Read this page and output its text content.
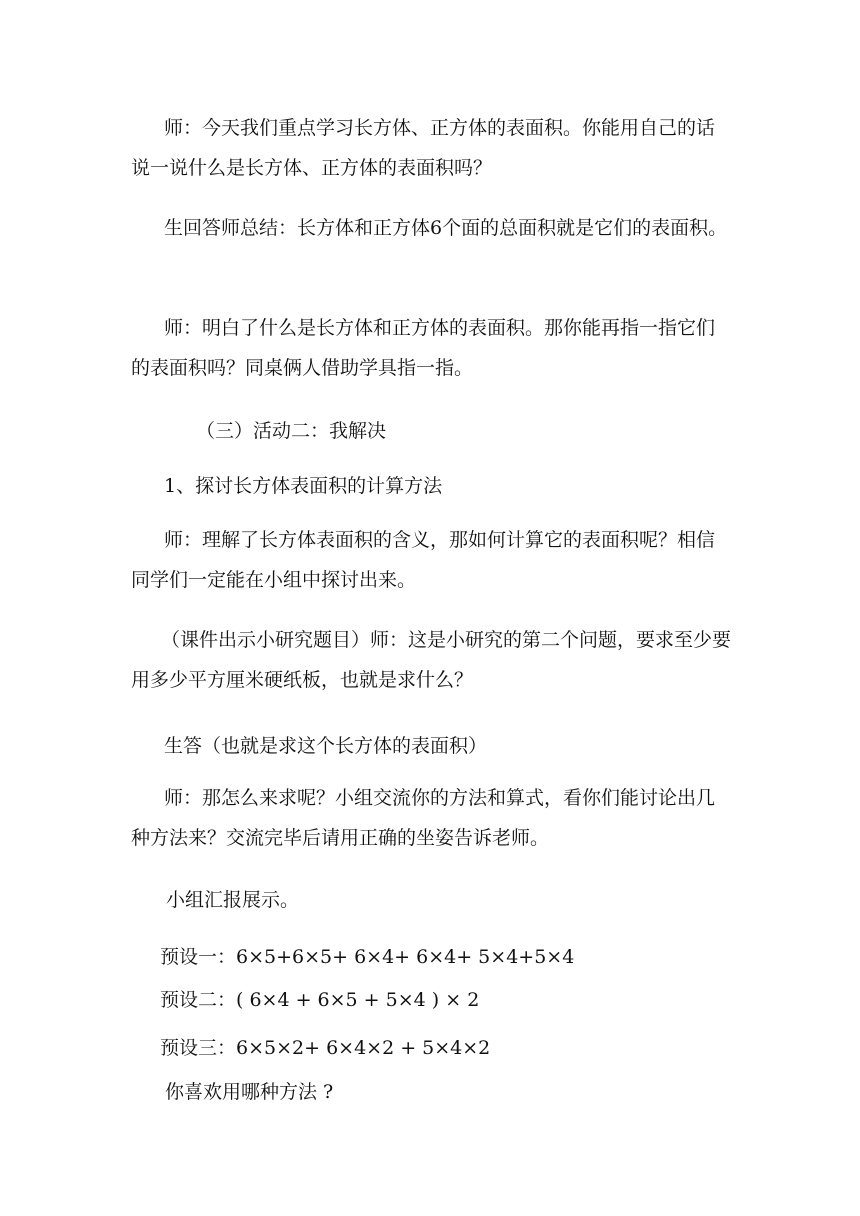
师：今天我们重点学习长方体、正方体的表面积。你能用自己的话说一说什么是长方体、正方体的表面积吗？

生回答师总结：长方体和正方体6个面的总面积就是它们的表面积。

师：明白了什么是长方体和正方体的表面积。那你能再指一指它们的表面积吗？同桌俩人借助学具指一指。

（三）活动二：我解决

1、探讨长方体表面积的计算方法

师：理解了长方体表面积的含义，那如何计算它的表面积呢？相信同学们一定能在小组中探讨出来。

（课件出示小研究题目）师：这是小研究的第二个问题，要求至少要用多少平方厘米硬纸板，也就是求什么？

生答（也就是求这个长方体的表面积）

师：那怎么来求呢？小组交流你的方法和算式，看你们能讨论出几种方法来？交流完毕后请用正确的坐姿告诉老师。

小组汇报展示。
预设一：6×5+6×5+ 6×4+ 6×4+ 5×4+5×4
预设二：( 6×4 + 6×5 + 5×4 ) × 2
预设三：6×5×2+ 6×4×2 + 5×4×2
你喜欢用哪种方法 ?
